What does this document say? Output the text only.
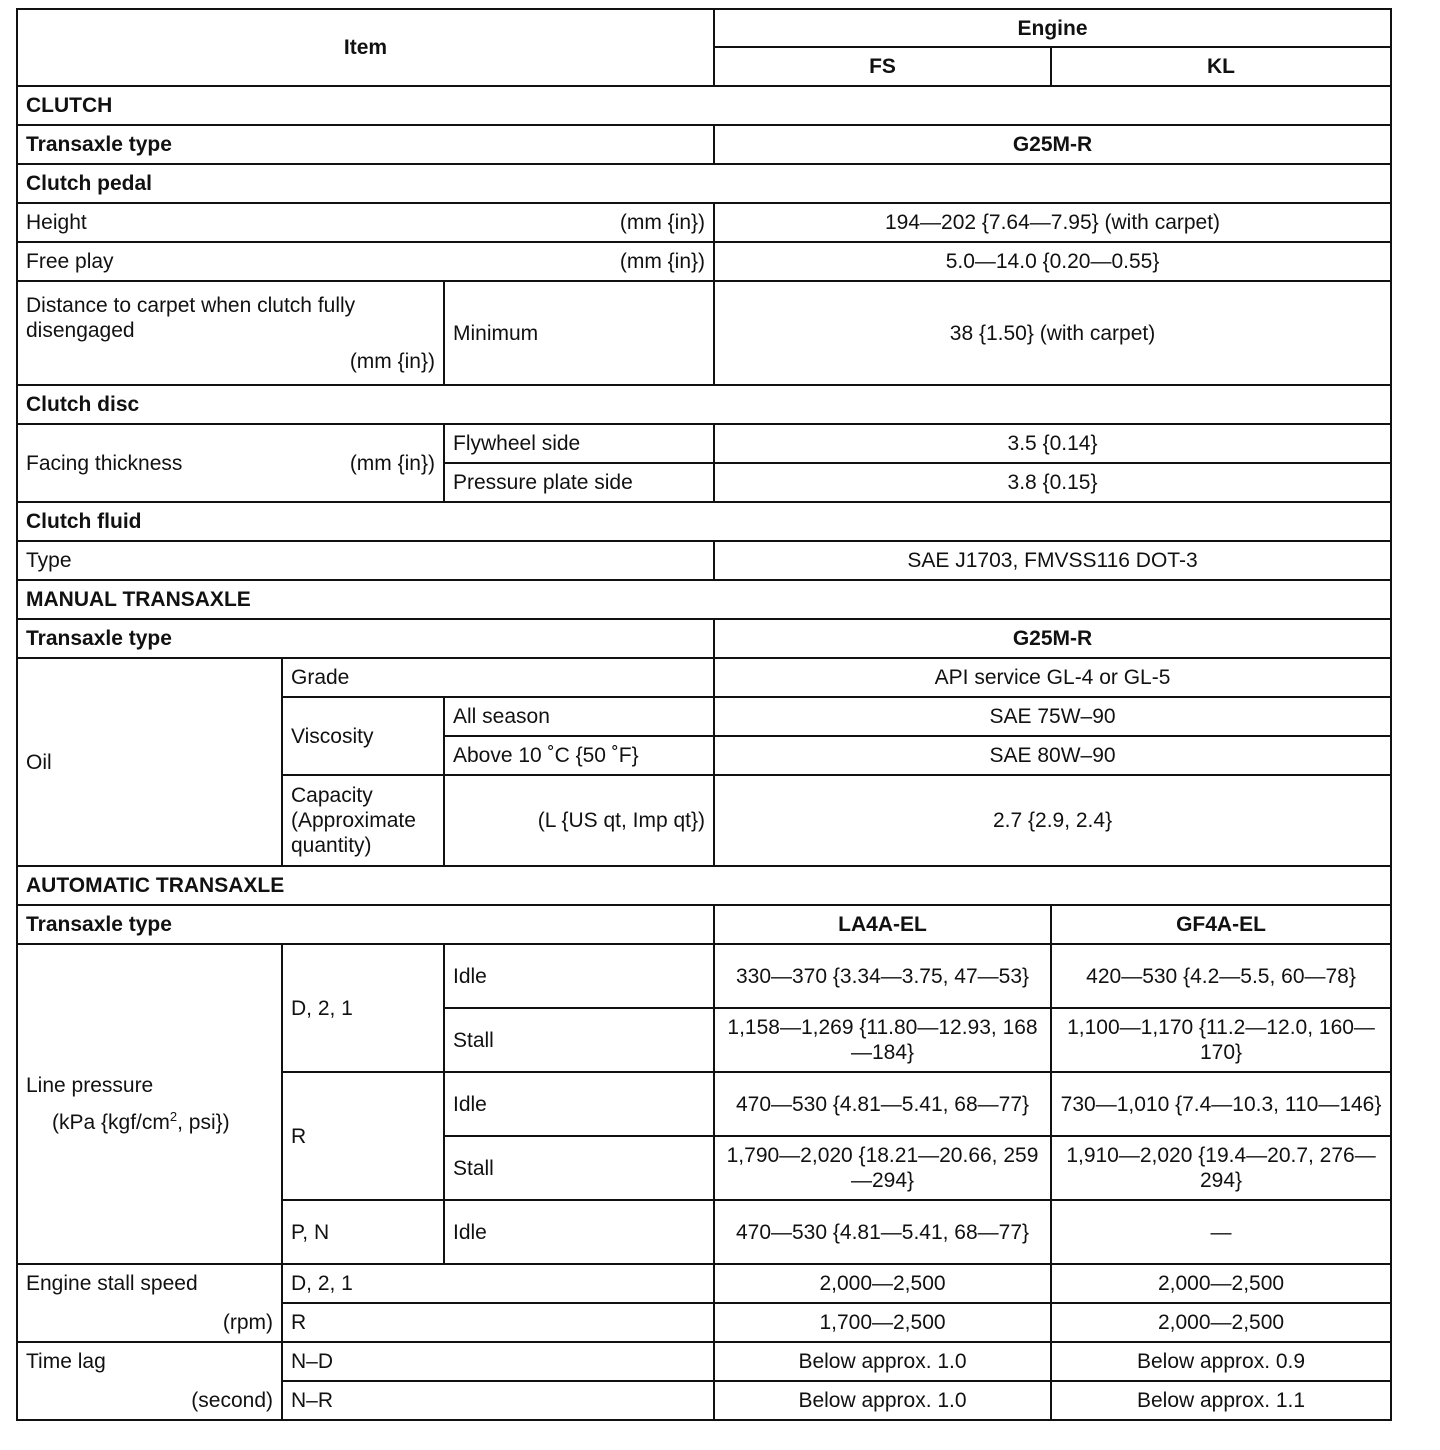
Item			Engine	
			FS	KL
CLUTCH				
Transaxle type			G25M-R	
Clutch pedal				

Height (mm {in})			194—202 {7.64—7.95} (with carpet)	

Free play (mm {in})			5.0—14.0 {0.20—0.55}	

Distance to carpet when clutch fully disengaged
(mm {in})		Minimum	38 {1.50} (with carpet)	
Clutch disc				

Facing thickness (mm {in})		Flywheel side	3.5 {0.14}	
		Pressure plate side	3.8 {0.15}	
Clutch fluid				
Type			SAE J1703, FMVSS116 DOT-3	
MANUAL TRANSAXLE				
Transaxle type			G25M-R	
Oil	Grade		API service GL-4 or GL-5	
	Viscosity	All season	SAE 75W–90	
		Above 10 ˚C {50 ˚F}	SAE 80W–90	
	Capacity (Approximate quantity)	(L {US qt, Imp qt})	2.7 {2.9, 2.4}	
AUTOMATIC TRANSAXLE				
Transaxle type			LA4A-EL	GF4A-EL

Line pressure
(kPa {$kgf/cm^2$, psi})	D, 2, 1	Idle	330—370 {3.34—3.75, 47—53}	420—530 {4.2—5.5, 60—78}
		Stall	1,158—1,269 {11.80—12.93, 168—184}	1,100—1,170 {11.2—12.0, 160—170}
	R	Idle	470—530 {4.81—5.41, 68—77}	730—1,010 {7.4—10.3, 110—146}
		Stall	1,790—2,020 {18.21—20.66, 259—294}	1,910—2,020 {19.4—20.7, 276—294}
	P, N	Idle	470—530 {4.81—5.41, 68—77}	—

Engine stall speed
(rpm)	D, 2, 1		2,000—2,500	2,000—2,500
	R		1,700—2,500	2,000—2,500

Time lag
(second)	N–D		Below approx. 1.0	Below approx. 0.9
	N–R		Below approx. 1.0	Below approx. 1.1
